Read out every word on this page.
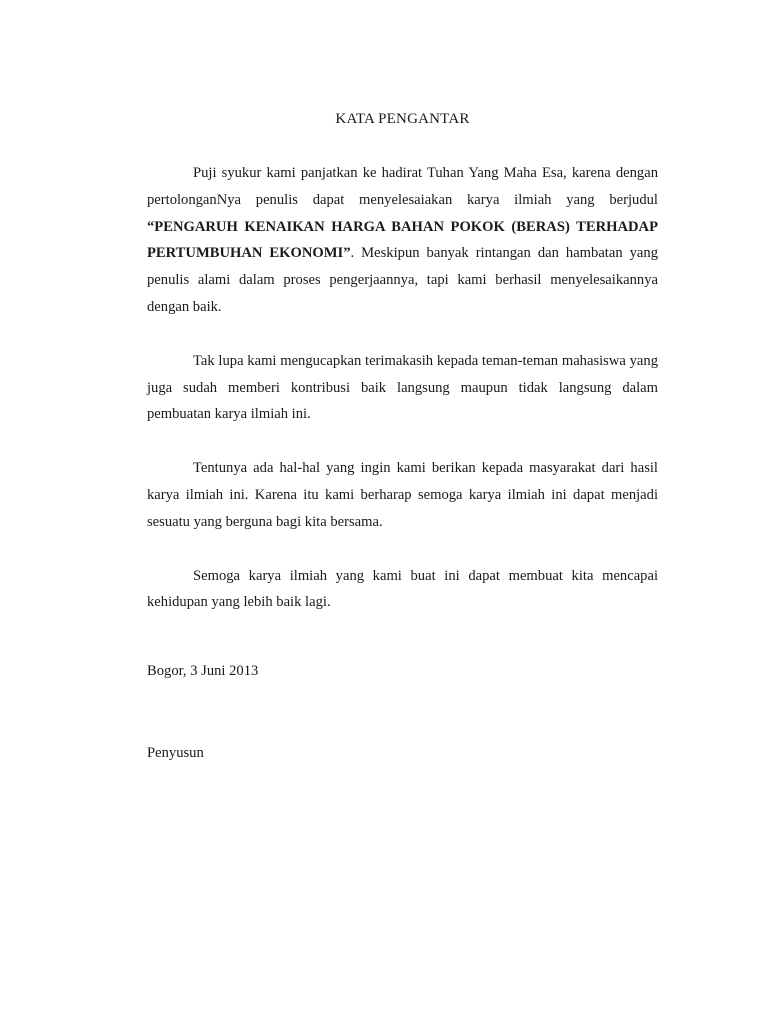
KATA PENGANTAR

Puji syukur kami panjatkan ke hadirat Tuhan Yang Maha Esa, karena dengan pertolonganNya penulis dapat menyelesaiakan karya ilmiah yang berjudul “PENGARUH KENAIKAN HARGA BAHAN POKOK (BERAS) TERHADAP PERTUMBUHAN EKONOMI”. Meskipun banyak rintangan dan hambatan yang penulis alami dalam proses pengerjaannya, tapi kami berhasil menyelesaikannya dengan baik.

Tak lupa kami mengucapkan terimakasih kepada teman-teman mahasiswa yang juga sudah memberi kontribusi baik langsung maupun tidak langsung dalam pembuatan karya ilmiah ini.

Tentunya ada hal-hal yang ingin kami berikan kepada masyarakat dari hasil karya ilmiah ini. Karena itu kami berharap semoga karya ilmiah ini dapat menjadi sesuatu yang berguna bagi kita bersama.

Semoga karya ilmiah yang kami buat ini dapat membuat kita mencapai kehidupan yang lebih baik lagi.

Bogor, 3 Juni 2013

Penyusun
